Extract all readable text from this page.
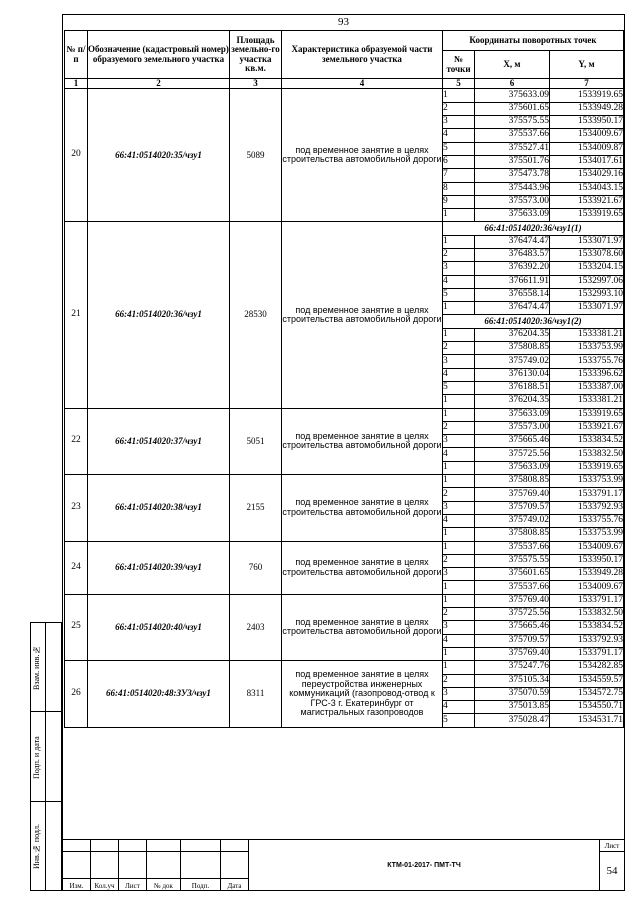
93
№ п/п	Обозначение (кадастровый номер) образуемого земельного участка	Площадь земельно-го участка кв.м.	Характеристика образуемой части земельного участка	Координаты поворотных точек		
				№ точки	X, м	Y, м
1	2	3	4	5	6	7
20	66:41:0514020:35/чзу1	5089	под временное занятие в целях строительства автомобильной дороги	1	375633.09	1533919.65
				2	375601.65	1533949.28
				3	375575.55	1533950.17
				4	375537.66	1534009.67
				5	375527.41	1534009.87
				6	375501.76	1534017.61
				7	375473.78	1534029.16
				8	375443.96	1534043.15
				9	375573.00	1533921.67
				1	375633.09	1533919.65
21	66:41:0514020:36/чзу1	28530	под временное занятие в целях строительства автомобильной дороги	66:41:0514020:36/чзу1(1)		
				1	376474.47	1533071.97
				2	376483.57	1533078.60
				3	376392.20	1533204.15
				4	376611.91	1532997.06
				5	376558.14	1532993.10
				1	376474.47	1533071.97
				66:41:0514020:36/чзу1(2)		
				1	376204.35	1533381.21
				2	375808.85	1533753.99
				3	375749.02	1533755.76
				4	376130.04	1533396.62
				5	376188.51	1533387.00
				1	376204.35	1533381.21
22	66:41:0514020:37/чзу1	5051	под временное занятие в целях строительства автомобильной дороги	1	375633.09	1533919.65
				2	375573.00	1533921.67
				3	375665.46	1533834.52
				4	375725.56	1533832.50
				1	375633.09	1533919.65
23	66:41:0514020:38/чзу1	2155	под временное занятие в целях строительства автомобильной дороги	1	375808.85	1533753.99
				2	375769.40	1533791.17
				3	375709.57	1533792.93
				4	375749.02	1533755.76
				1	375808.85	1533753.99
24	66:41:0514020:39/чзу1	760	под временное занятие в целях строительства автомобильной дороги	1	375537.66	1534009.67
				2	375575.55	1533950.17
				3	375601.65	1533949.28
				1	375537.66	1534009.67
25	66:41:0514020:40/чзу1	2403	под временное занятие в целях строительства автомобильной дороги	1	375769.40	1533791.17
				2	375725.56	1533832.50
				3	375665.46	1533834.52
				4	375709.57	1533792.93
				1	375769.40	1533791.17
26	66:41:0514020:48:ЗУ3/чзу1	8311	под временное занятие в целях переустройства инженерных коммуникаций (газопровод-отвод к ГРС-3 г. Екатеринбург от магистральных газопроводов	1	375247.76	1534282.85
				2	375105.34	1534559.57
				3	375070.59	1534572.75
				4	375013.85	1534550.71
				5	375028.47	1534531.71
Взам. инв.№
Подп. и дата
Инв.№ подл.
							КТМ-01-2017- ПМТ-ТЧ	Лист
							54
Изм.	Кол.уч	Лист	№ док	Подп.	Дата		
